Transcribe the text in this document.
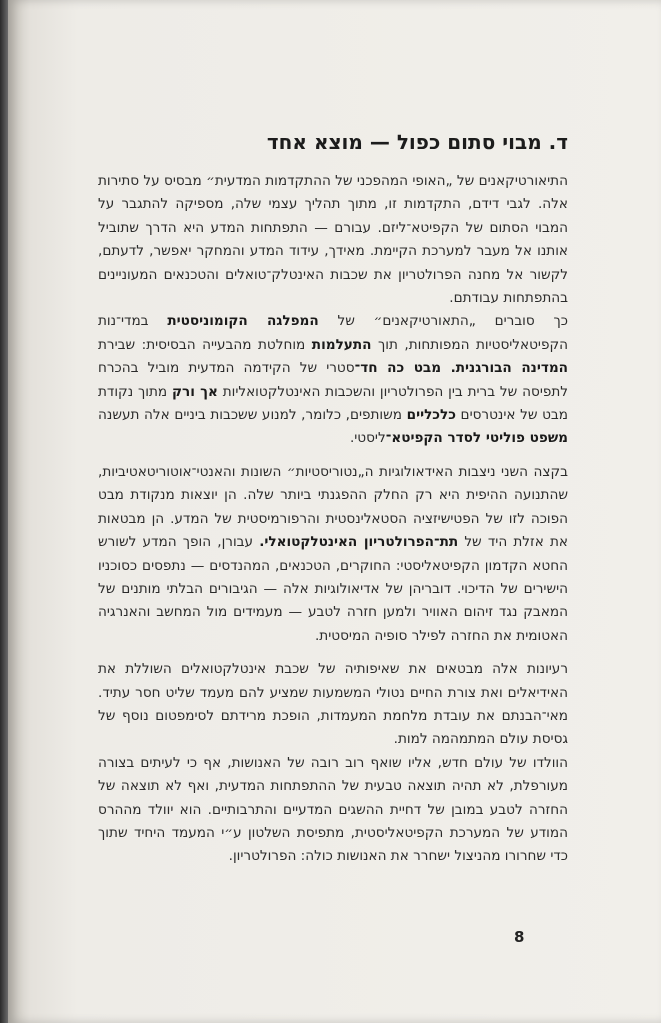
ד. מבוי סתום כפול — מוצא אחד

התיאורטיקאנים של „האופי המהפכני של ההתקדמות המדעית״ מבסיס על סתירות אלה. לגבי דידם, התקדמות זו, מתוך תהליך עצמי שלה, מספיקה להתגבר על המבוי הסתום של הקפיטא־ליזם. עבורם — התפתחות המדע היא הדרך שתוביל אותנו אל מעבר למערכת הקיימת. מאידך, עידוד המדע והמחקר יאפשר, לדעתם, לקשור אל מחנה הפרולטריון את שכבות האינטלק־טואלים והטכנאים המעוניינים בהתפתחות עבודתם.

כך סוברים „התאורטיקאנים״ של המפלגה הקומוניסטית במדי־נות הקפיטאליסטיות המפותחות, תוך התעלמות מוחלטת מהבעייה הבסיסית: שבירת המדינה הבורגנית. מבט כה חד־סטרי של הקידמה המדעית מוביל בהכרח לתפיסה של ברית בין הפרולטריון והשכבות האינטלקטואליות אך ורק מתוך נקודת מבט של אינטרסים כלכליים משותפים, כלומר, למנוע ששכבות ביניים אלה תעשנה משפט פוליטי לסדר הקפיטא־ליסטי.

בקצה השני ניצבות האידאולוגיות ה„נטוריסטיות״ השונות והאנטי־אוטוריטאטיביות, שהתנועה ההיפית היא רק החלק ההפגנתי ביותר שלה. הן יוצאות מנקודת מבט הפוכה לזו של הפטישיזציה הסטאלינסטית והרפורמיסטית של המדע. הן מבטאות את אזלת היד של תת־הפרולטריון האינטלקטואלי. עבורן, הופך המדע לשורש החטא הקדמון הקפיטאליסטי: החוקרים, הטכנאים, המהנדסים — נתפסים כסוכניו הישירים של הדיכוי. דובריהן של אדיאולוגיות אלה — הגיבורים הבלתי מותנים של המאבק נגד זיהום האוויר ולמען חזרה לטבע — מעמידים מול המחשב והאנרגיה האטומית את החזרה לפילר סופיה המיסטית.

רעיונות אלה מבטאים את שאיפותיה של שכבת אינטלקטואלים השוללת את האידיאלים ואת צורת החיים נטולי המשמעות שמציע להם מעמד שליט חסר עתיד. מאי־הבנתם את עובדת מלחמת המעמדות, הופכת מרידתם לסימפטום נוסף של גסיסת עולם המתמהמה למות.

הוולדו של עולם חדש, אליו שואף רוב רובה של האנושות, אף כי לעיתים בצורה מעורפלת, לא תהיה תוצאה טבעית של ההתפתחות המדעית, ואף לא תוצאה של החזרה לטבע במובן של דחיית ההשגים המדעיים והתרבותיים. הוא יוולד מההרס המודע של המערכת הקפיטאליסטית, מתפיסת השלטון ע״י המעמד היחיד שתוך כדי שחרורו מהניצול ישחרר את האנושות כולה: הפרולטריון.

8
